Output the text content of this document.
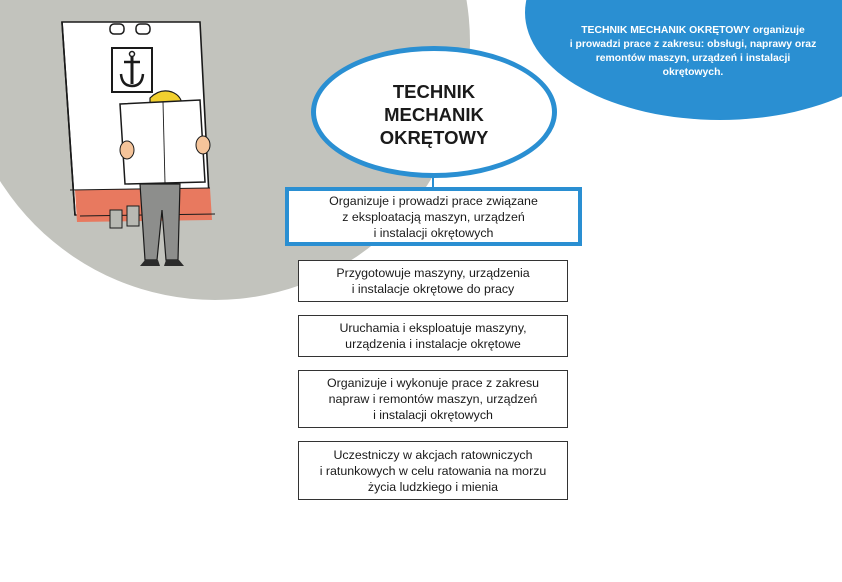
TECHNIK MECHANIK OKRĘTOWY organizuje
i prowadzi prace z zakresu: obsługi, naprawy oraz
remontów maszyn, urządzeń i instalacji
okrętowych.
TECHNIK
MECHANIK
OKRĘTOWY
Organizuje i prowadzi prace związane
z eksploatacją maszyn, urządzeń
i instalacji okrętowych
Przygotowuje maszyny, urządzenia
i instalacje okrętowe do pracy
Uruchamia i eksploatuje maszyny,
urządzenia i instalacje okrętowe
Organizuje i wykonuje prace z zakresu
napraw i remontów maszyn, urządzeń
i instalacji okrętowych
Uczestniczy w akcjach ratowniczych
i ratunkowych w celu ratowania na morzu
życia ludzkiego i mienia
